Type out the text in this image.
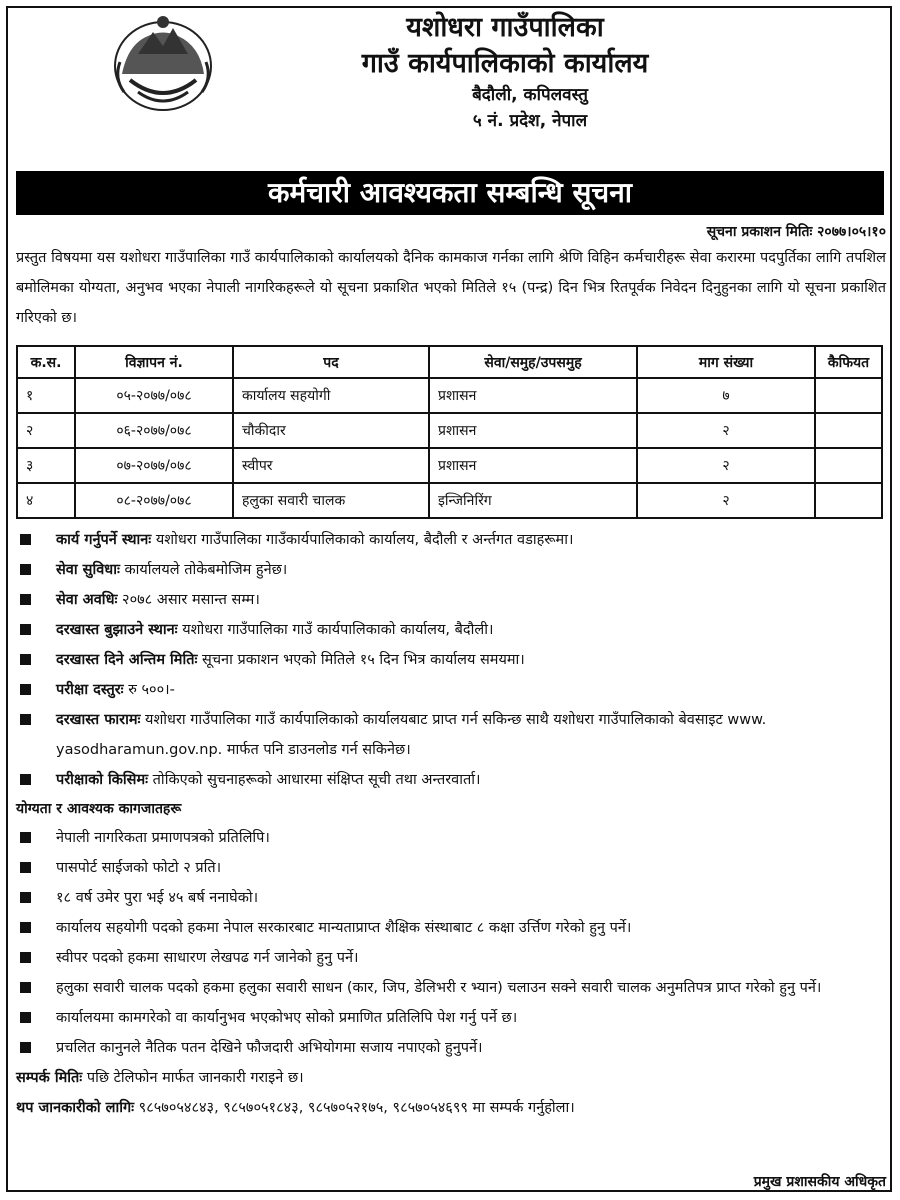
यशोधरा गाउँपालिका
गाउँ कार्यपालिकाको कार्यालय
बैदौली, कपिलवस्तु
५ नं. प्रदेश, नेपाल
कर्मचारी आवश्यकता सम्बन्धि सूचना
सूचना प्रकाशन मितिः २०७७।०५।१०
प्रस्तुत विषयमा यस यशोधरा गाउँपालिका गाउँ कार्यपालिकाको कार्यालयको दैनिक कामकाज गर्नका लागि श्रेणि विहिन कर्मचारीहरू सेवा करारमा पदपुर्तिका लागि तपशिल बमोलिमका योग्यता, अनुभव भएका नेपाली नागरिकहरूले यो सूचना प्रकाशित भएको मितिले १५ (पन्द्र) दिन भित्र रितपूर्वक निवेदन दिनुहुनका लागि यो सूचना प्रकाशित गरिएको छ।
क.स.	विज्ञापन नं.	पद	सेवा/समुह/उपसमुह	माग संख्या	कैफियत
१	०५-२०७७/०७८	कार्यालय सहयोगी	प्रशासन	७	
२	०६-२०७७/०७८	चौकीदार	प्रशासन	२	
३	०७-२०७७/०७८	स्वीपर	प्रशासन	२	
४	०८-२०७७/०७८	हलुका सवारी चालक	इन्जिनिरिंग	२	
कार्य गर्नुपर्ने स्थानः यशोधरा गाउँपालिका गाउँकार्यपालिकाको कार्यालय, बैदौली र अर्न्तगत वडाहरूमा।
सेवा सुविधाः कार्यालयले तोकेबमोजिम हुनेछ।
सेवा अवधिः २०७८ असार मसान्त सम्म।
दरखास्त बुझाउने स्थानः यशोधरा गाउँपालिका गाउँ कार्यपालिकाको कार्यालय, बैदौली।
दरखास्त दिने अन्तिम मितिः सूचना प्रकाशन भएको मितिले १५ दिन भित्र कार्यालय समयमा।
परीक्षा दस्तुरः रु ५००।-
दरखास्त फारामः यशोधरा गाउँपालिका गाउँ कार्यपालिकाको कार्यालयबाट प्राप्त गर्न सकिन्छ साथै यशोधरा गाउँपालिकाको बेवसाइट www. yasodharamun.gov.np. मार्फत पनि डाउनलोड गर्न सकिनेछ।
परीक्षाको किसिमः तोकिएको सुचनाहरूको आधारमा संक्षिप्त सूची तथा अन्तरवार्ता।
योग्यता र आवश्यक कागजातहरू
नेपाली नागरिकता प्रमाणपत्रको प्रतिलिपि।
पासपोर्ट साईजको फोटो २ प्रति।
१८ वर्ष उमेर पुरा भई ४५ बर्ष ननाघेको।
कार्यालय सहयोगी पदको हकमा नेपाल सरकारबाट मान्यताप्राप्त शैक्षिक संस्थाबाट ८ कक्षा उर्त्तिण गरेको हुनु पर्ने।
स्वीपर पदको हकमा साधारण लेखपढ गर्न जानेको हुनु पर्ने।
हलुका सवारी चालक पदको हकमा हलुका सवारी साधन (कार, जिप, डेलिभरी र भ्यान) चलाउन सक्ने सवारी चालक अनुमतिपत्र प्राप्त गरेको हुनु पर्ने।
कार्यालयमा कामगरेको वा कार्यानुभव भएकोभए सोको प्रमाणित प्रतिलिपि पेश गर्नु पर्ने छ।
प्रचलित कानुनले नैतिक पतन देखिने फौजदारी अभियोगमा सजाय नपाएको हुनुपर्ने।
सम्पर्क मितिः पछि टेलिफोन मार्फत जानकारी गराइने छ।
थप जानकारीको लागिः ९८५७०५४८४३, ९८५७०५१८४३, ९८५७०५२१७५, ९८५७०५४६९९ मा सम्पर्क गर्नुहोला।
प्रमुख प्रशासकीय अधिकृत
